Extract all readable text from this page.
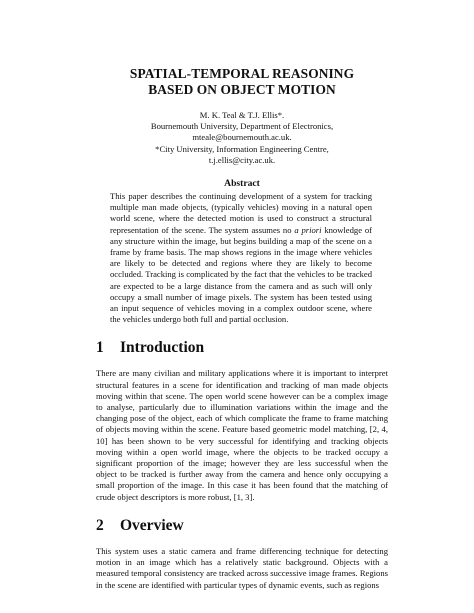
SPATIAL-TEMPORAL REASONING
BASED ON OBJECT MOTION
M. K. Teal & T.J. Ellis*.
Bournemouth University, Department of Electronics,
mteale@bournemouth.ac.uk.
*City University, Information Engineering Centre,
t.j.ellis@city.ac.uk.
Abstract

This paper describes the continuing development of a system for tracking multiple man made objects, (typically vehicles) moving in a natural open world scene, where the detected motion is used to construct a structural representation of the scene. The system assumes no a priori knowledge of any structure within the image, but begins building a map of the scene on a frame by frame basis. The map shows regions in the image where vehicles are likely to be detected and regions where they are likely to become occluded. Tracking is complicated by the fact that the vehicles to be tracked are expected to be a large distance from the camera and as such will only occupy a small number of image pixels. The system has been tested using an input sequence of vehicles moving in a complex outdoor scene, where the vehicles undergo both full and partial occlusion.

1 Introduction

There are many civilian and military applications where it is important to interpret structural features in a scene for identification and tracking of man made objects moving within that scene. The open world scene however can be a complex image to analyse, particularly due to illumination variations within the image and the changing pose of the object, each of which complicate the frame to frame matching of objects moving within the scene. Feature based geometric model matching, [2, 4, 10] has been shown to be very successful for identifying and tracking objects moving within a open world image, where the objects to be tracked occupy a significant proportion of the image; however they are less successful when the object to be tracked is further away from the camera and hence only occupying a small proportion of the image. In this case it has been found that the matching of crude object descriptors is more robust, [1, 3].

2 Overview

This system uses a static camera and frame differencing technique for detecting motion in an image which has a relatively static background. Objects with a measured temporal consistency are tracked across successive image frames. Regions in the scene are identified with particular types of dynamic events, such as regions
